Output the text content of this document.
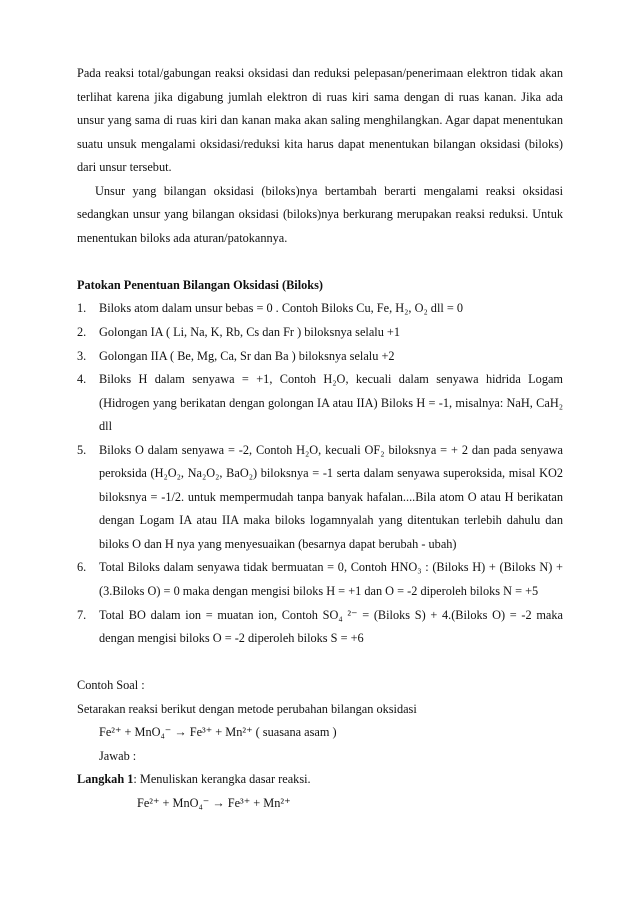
Pada reaksi total/gabungan reaksi oksidasi dan reduksi pelepasan/penerimaan elektron tidak akan terlihat karena jika digabung jumlah elektron di ruas kiri sama dengan di ruas kanan. Jika ada unsur yang sama di ruas kiri dan kanan maka akan saling menghilangkan. Agar dapat menentukan suatu unsuk mengalami oksidasi/reduksi kita harus dapat menentukan bilangan oksidasi (biloks) dari unsur tersebut.

Unsur yang bilangan oksidasi (biloks)nya bertambah berarti mengalami reaksi oksidasi sedangkan unsur yang bilangan oksidasi (biloks)nya berkurang merupakan reaksi reduksi. Untuk menentukan biloks ada aturan/patokannya.

Patokan Penentuan Bilangan Oksidasi (Biloks)

1. Biloks atom dalam unsur bebas = 0 . Contoh Biloks Cu, Fe, H₂, O₂ dll = 0
2. Golongan IA ( Li, Na, K, Rb, Cs dan Fr ) biloksnya selalu +1
3. Golongan IIA ( Be, Mg, Ca, Sr dan Ba ) biloksnya selalu +2
4. Biloks H dalam senyawa = +1, Contoh H₂O, kecuali dalam senyawa hidrida Logam (Hidrogen yang berikatan dengan golongan IA atau IIA) Biloks H = -1, misalnya: NaH, CaH₂ dll
5. Biloks O dalam senyawa = -2, Contoh H₂O, kecuali OF₂ biloksnya = + 2 dan pada senyawa peroksida (H₂O₂, Na₂O₂, BaO₂) biloksnya = -1 serta dalam senyawa superoksida, misal KO2 biloksnya = -1/2. untuk mempermudah tanpa banyak hafalan....Bila atom O atau H berikatan dengan Logam IA atau IIA maka biloks logamnyalah yang ditentukan terlebih dahulu dan biloks O dan H nya yang menyesuaikan (besarnya dapat berubah - ubah)
6. Total Biloks dalam senyawa tidak bermuatan = 0, Contoh HNO₃ : (Biloks H) + (Biloks N) + (3.Biloks O) = 0 maka dengan mengisi biloks H = +1 dan O = -2 diperoleh biloks N = +5
7. Total BO dalam ion = muatan ion, Contoh SO₄ ²⁻ = (Biloks S) + 4.(Biloks O) = -2 maka dengan mengisi biloks O = -2 diperoleh biloks S = +6

Contoh Soal :

Setarakan reaksi berikut dengan metode perubahan bilangan oksidasi

Fe²⁺ + MnO₄⁻ → Fe³⁺ + Mn²⁺ ( suasana asam )

Jawab :

Langkah 1: Menuliskan kerangka dasar reaksi.

Fe²⁺ + MnO₄⁻ → Fe³⁺ + Mn²⁺
